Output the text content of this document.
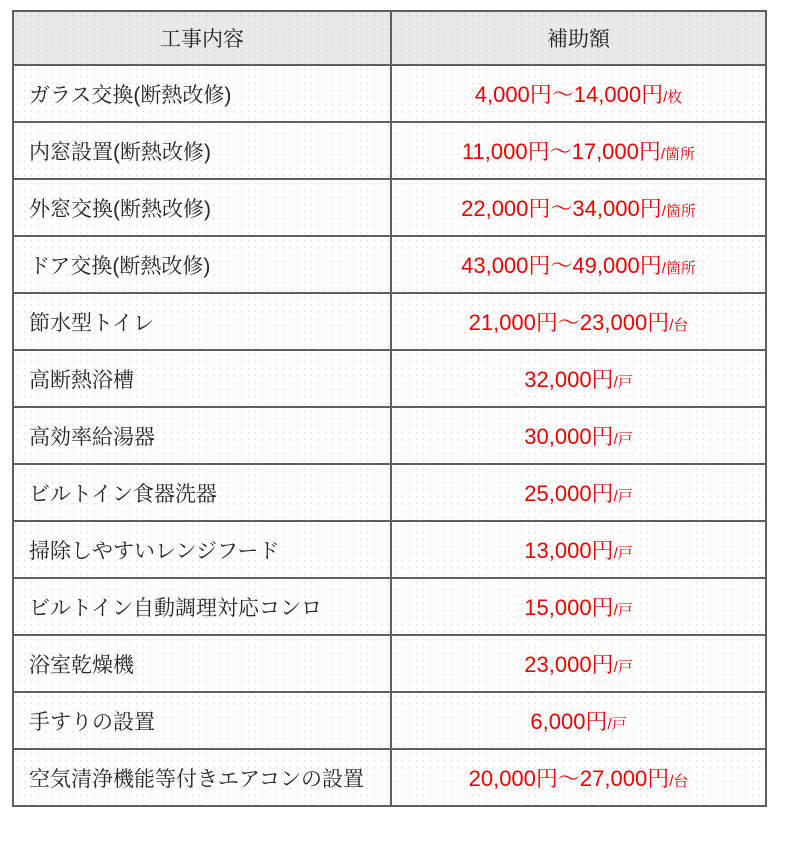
工事内容	補助額
ガラス交換(断熱改修)	4,000円〜14,000円/枚
内窓設置(断熱改修)	11,000円〜17,000円/箇所
外窓交換(断熱改修)	22,000円〜34,000円/箇所
ドア交換(断熱改修)	43,000円〜49,000円/箇所
節水型トイレ	21,000円〜23,000円/台
高断熱浴槽	32,000円/戸
高効率給湯器	30,000円/戸
ビルトイン食器洗器	25,000円/戸
掃除しやすいレンジフード	13,000円/戸
ビルトイン自動調理対応コンロ	15,000円/戸
浴室乾燥機	23,000円/戸
手すりの設置	6,000円/戸
空気清浄機能等付きエアコンの設置	20,000円〜27,000円/台
